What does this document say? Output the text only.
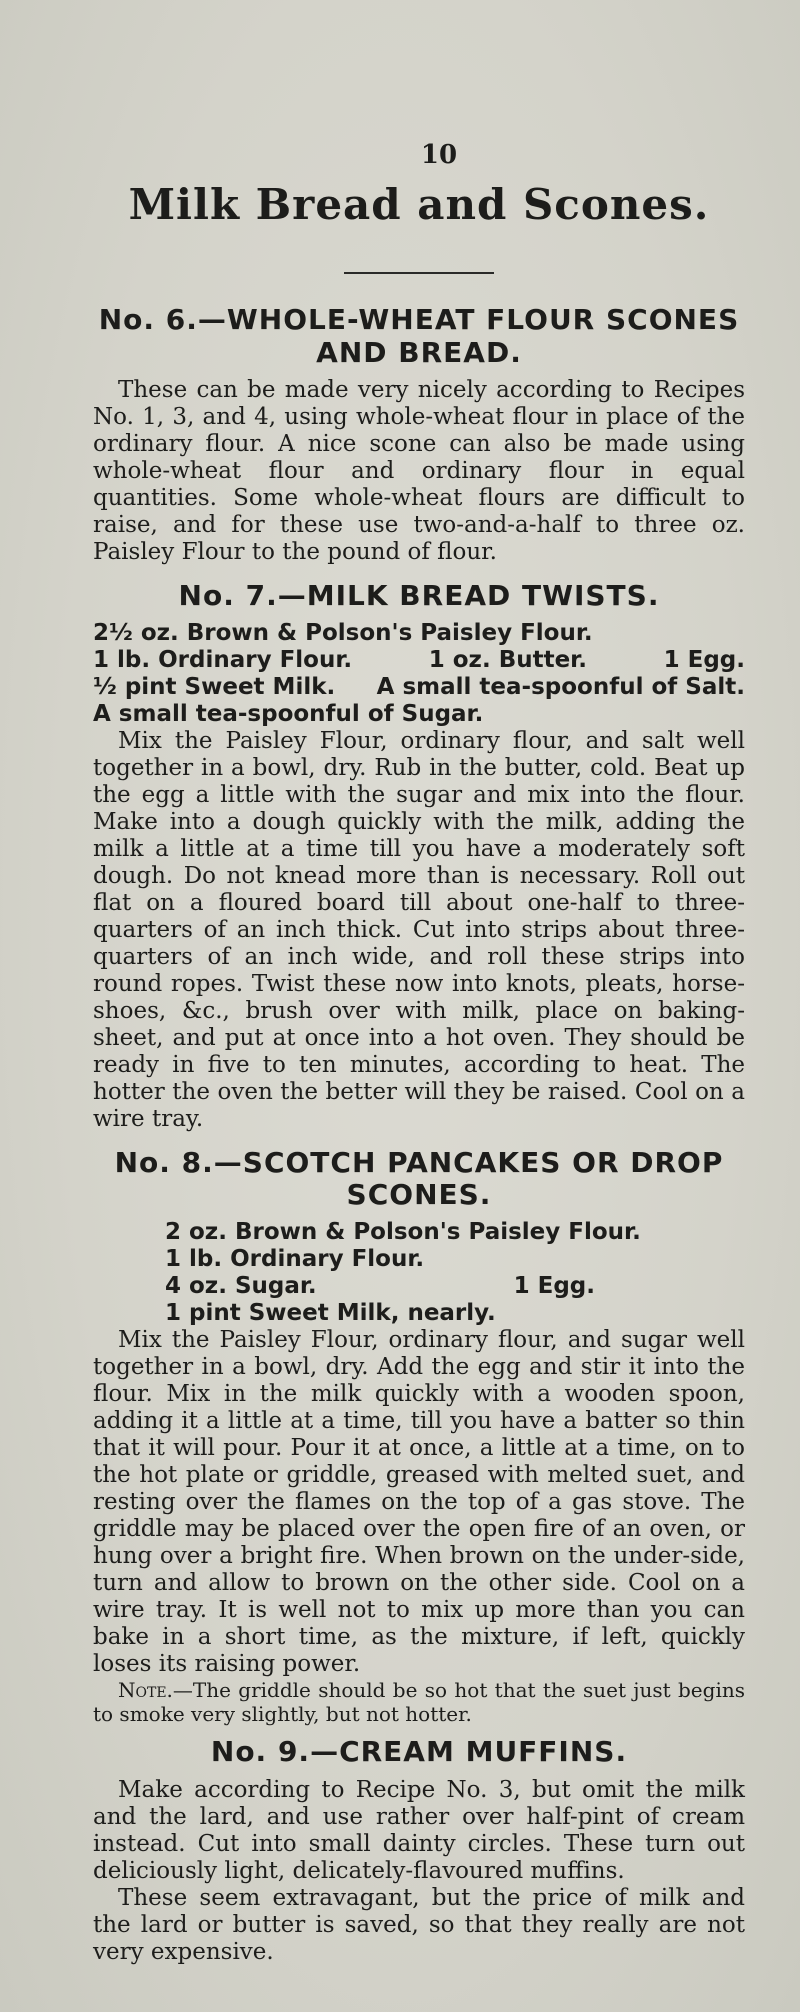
10
Milk Bread and Scones.
No. 6.—WHOLE-WHEAT FLOUR SCONES AND BREAD.

These can be made very nicely according to Recipes No. 1, 3, and 4, using whole-wheat flour in place of the ordinary flour. A nice scone can also be made using whole-wheat flour and ordinary flour in equal quantities. Some whole-wheat flours are difficult to raise, and for these use two-and-a-half to three oz. Paisley Flour to the pound of flour.

No. 7.—MILK BREAD TWISTS.
2½ oz. Brown & Polson's Paisley Flour.
1 lb. Ordinary Flour.	1 oz. Butter.	1 Egg.
½ pint Sweet Milk. A small tea-spoonful of Salt.
A small tea-spoonful of Sugar.

Mix the Paisley Flour, ordinary flour, and salt well together in a bowl, dry. Rub in the butter, cold. Beat up the egg a little with the sugar and mix into the flour. Make into a dough quickly with the milk, adding the milk a little at a time till you have a moderately soft dough. Do not knead more than is necessary. Roll out flat on a floured board till about one-half to three-quarters of an inch thick. Cut into strips about three-quarters of an inch wide, and roll these strips into round ropes. Twist these now into knots, pleats, horse-shoes, &c., brush over with milk, place on baking-sheet, and put at once into a hot oven. They should be ready in five to ten minutes, according to heat. The hotter the oven the better will they be raised. Cool on a wire tray.

No. 8.—SCOTCH PANCAKES OR DROP SCONES.
2 oz. Brown & Polson's Paisley Flour.
1 lb. Ordinary Flour.
4 oz. Sugar.	1 Egg.
1 pint Sweet Milk, nearly.

Mix the Paisley Flour, ordinary flour, and sugar well together in a bowl, dry. Add the egg and stir it into the flour. Mix in the milk quickly with a wooden spoon, adding it a little at a time, till you have a batter so thin that it will pour. Pour it at once, a little at a time, on to the hot plate or griddle, greased with melted suet, and resting over the flames on the top of a gas stove. The griddle may be placed over the open fire of an oven, or hung over a bright fire. When brown on the under-side, turn and allow to brown on the other side. Cool on a wire tray. It is well not to mix up more than you can bake in a short time, as the mixture, if left, quickly loses its raising power.

Note.—The griddle should be so hot that the suet just begins to smoke very slightly, but not hotter.

No. 9.—CREAM MUFFINS.

Make according to Recipe No. 3, but omit the milk and the lard, and use rather over half-pint of cream instead. Cut into small dainty circles. These turn out deliciously light, delicately-flavoured muffins.

These seem extravagant, but the price of milk and the lard or butter is saved, so that they really are not very expensive.
